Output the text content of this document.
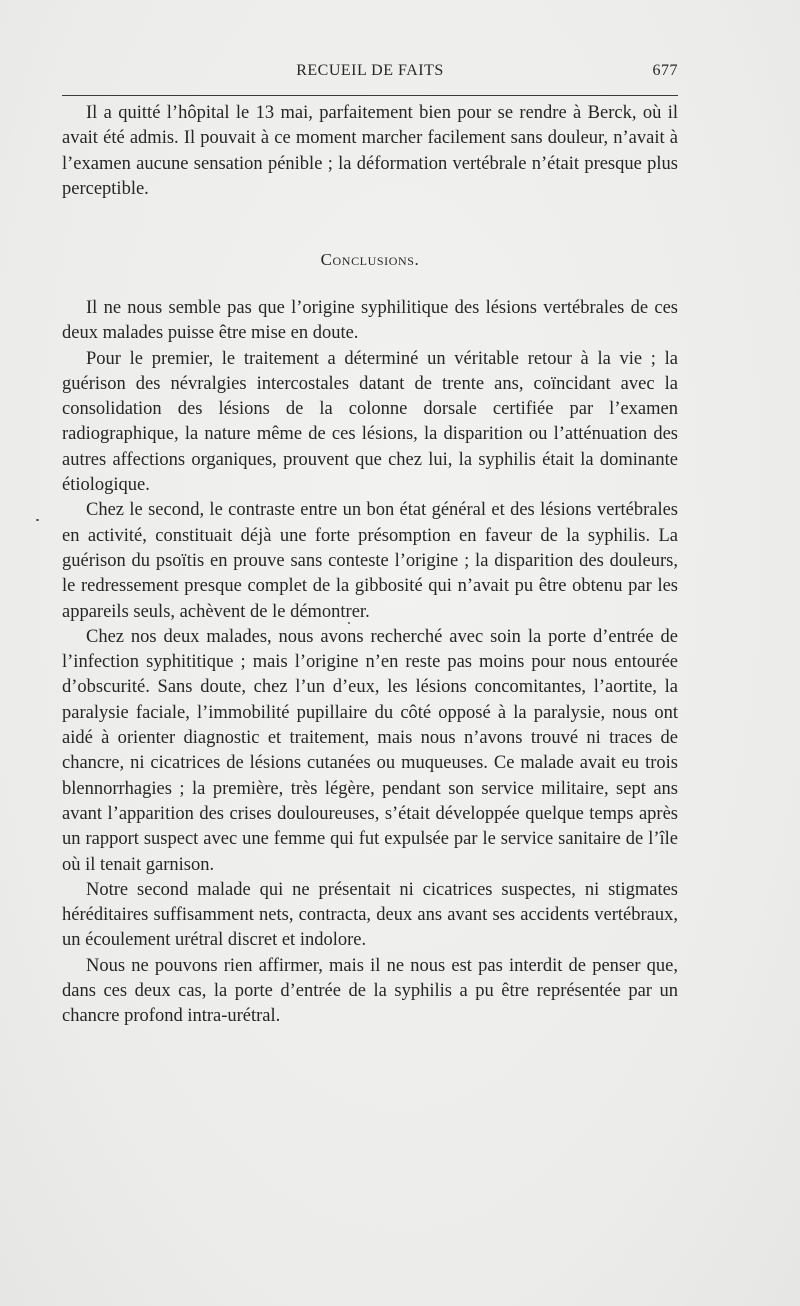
RECUEIL DE FAITS	677

Il a quitté l’hôpital le 13 mai, parfaitement bien pour se rendre à Berck, où il avait été admis. Il pouvait à ce moment marcher facilement sans douleur, n’avait à l’examen aucune sensation pénible ; la déformation vertébrale n’était presque plus perceptible.

Conclusions.

Il ne nous semble pas que l’origine syphilitique des lésions vertébrales de ces deux malades puisse être mise en doute.

Pour le premier, le traitement a déterminé un véritable retour à la vie ; la guérison des névralgies intercostales datant de trente ans, coïncidant avec la consolidation des lésions de la colonne dorsale certifiée par l’examen radiographique, la nature même de ces lésions, la disparition ou l’atténuation des autres affections organiques, prouvent que chez lui, la syphilis était la dominante étiologique.

Chez le second, le contraste entre un bon état général et des lésions vertébrales en activité, constituait déjà une forte présomption en faveur de la syphilis. La guérison du psoïtis en prouve sans conteste l’origine ; la disparition des douleurs, le redressement presque complet de la gibbosité qui n’avait pu être obtenu par les appareils seuls, achèvent de le démontrer.

Chez nos deux malades, nous avons recherché avec soin la porte d’entrée de l’infection syphititique ; mais l’origine n’en reste pas moins pour nous entourée d’obscurité. Sans doute, chez l’un d’eux, les lésions concomitantes, l’aortite, la paralysie faciale, l’immobilité pupillaire du côté opposé à la paralysie, nous ont aidé à orienter diagnostic et traitement, mais nous n’avons trouvé ni traces de chancre, ni cicatrices de lésions cutanées ou muqueuses. Ce malade avait eu trois blennorrhagies ; la première, très légère, pendant son service militaire, sept ans avant l’apparition des crises douloureuses, s’était développée quelque temps après un rapport suspect avec une femme qui fut expulsée par le service sanitaire de l’île où il tenait garnison.

Notre second malade qui ne présentait ni cicatrices suspectes, ni stigmates héréditaires suffisamment nets, contracta, deux ans avant ses accidents vertébraux, un écoulement urétral discret et indolore.

Nous ne pouvons rien affirmer, mais il ne nous est pas interdit de penser que, dans ces deux cas, la porte d’entrée de la syphilis a pu être représentée par un chancre profond intra-urétral.
